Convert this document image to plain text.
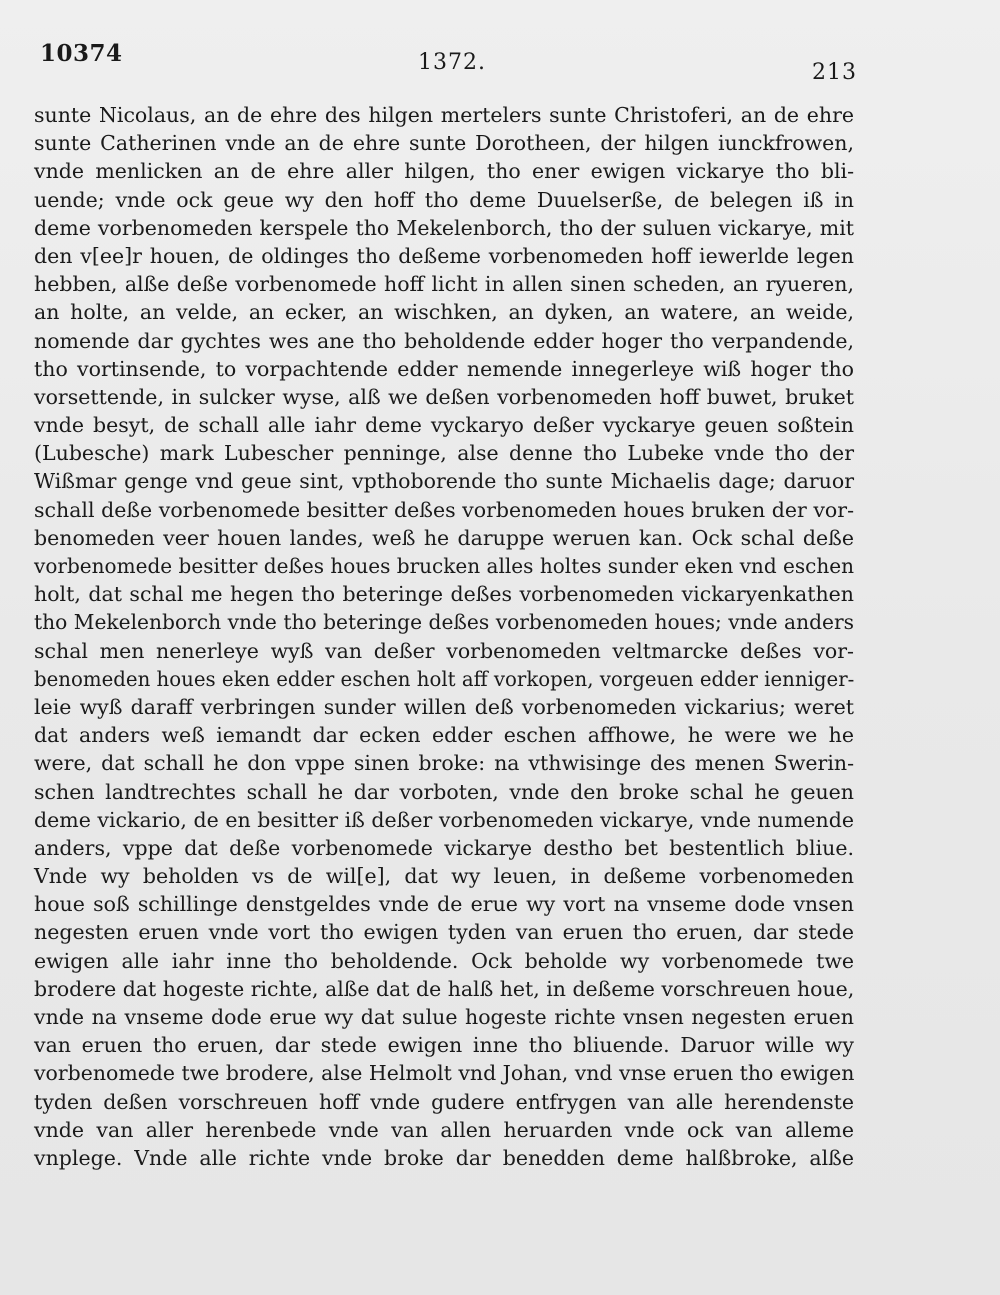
10374	1372.	213
sunte Nicolaus, an de ehre des hilgen mertelers sunte Christoferi, an de ehre
sunte Catherinen vnde an de ehre sunte Dorotheen, der hilgen iunckfrowen,
vnde menlicken an de ehre aller hilgen, tho ener ewigen vickarye tho bli-
uende; vnde ock geue wy den hoff tho deme Duuelserße, de belegen iß in
deme vorbenomeden kerspele tho Mekelenborch, tho der suluen vickarye, mit
den v[ee]r houen, de oldinges tho deßeme vorbenomeden hoff iewerlde legen
hebben, alße deße vorbenomede hoff licht in allen sinen scheden, an ryueren,
an holte, an velde, an ecker, an wischken, an dyken, an watere, an weide,
nomende dar gychtes wes ane tho beholdende edder hoger tho verpandende,
tho vortinsende, to vorpachtende edder nemende innegerleye wiß hoger tho
vorsettende, in sulcker wyse, alß we deßen vorbenomeden hoff buwet, bruket
vnde besyt, de schall alle iahr deme vyckaryo deßer vyckarye geuen soßtein
(Lubesche) mark Lubescher penninge, alse denne tho Lubeke vnde tho der
Wißmar genge vnd geue sint, vpthoborende tho sunte Michaelis dage; daruor
schall deße vorbenomede besitter deßes vorbenomeden houes bruken der vor-
benomeden veer houen landes, weß he daruppe weruen kan. Ock schal deße
vorbenomede besitter deßes houes brucken alles holtes sunder eken vnd eschen
holt, dat schal me hegen tho beteringe deßes vorbenomeden vickaryenkathen
tho Mekelenborch vnde tho beteringe deßes vorbenomeden houes; vnde anders
schal men nenerleye wyß van deßer vorbenomeden veltmarcke deßes vor-
benomeden houes eken edder eschen holt aff vorkopen, vorgeuen edder ienniger-
leie wyß daraff verbringen sunder willen deß vorbenomeden vickarius; weret
dat anders weß iemandt dar ecken edder eschen affhowe, he were we he
were, dat schall he don vppe sinen broke: na vthwisinge des menen Swerin-
schen landtrechtes schall he dar vorboten, vnde den broke schal he geuen
deme vickario, de en besitter iß deßer vorbenomeden vickarye, vnde numende
anders, vppe dat deße vorbenomede vickarye destho bet bestentlich bliue.
Vnde wy beholden vs de wil[e], dat wy leuen, in deßeme vorbenomeden
houe soß schillinge denstgeldes vnde de erue wy vort na vnseme dode vnsen
negesten eruen vnde vort tho ewigen tyden van eruen tho eruen, dar stede
ewigen alle iahr inne tho beholdende. Ock beholde wy vorbenomede twe
brodere dat hogeste richte, alße dat de halß het, in deßeme vorschreuen houe,
vnde na vnseme dode erue wy dat sulue hogeste richte vnsen negesten eruen
van eruen tho eruen, dar stede ewigen inne tho bliuende. Daruor wille wy
vorbenomede twe brodere, alse Helmolt vnd Johan, vnd vnse eruen tho ewigen
tyden deßen vorschreuen hoff vnde gudere entfrygen van alle herendenste
vnde van aller herenbede vnde van allen heruarden vnde ock van alleme
vnplege. Vnde alle richte vnde broke dar benedden deme halßbroke, alße
